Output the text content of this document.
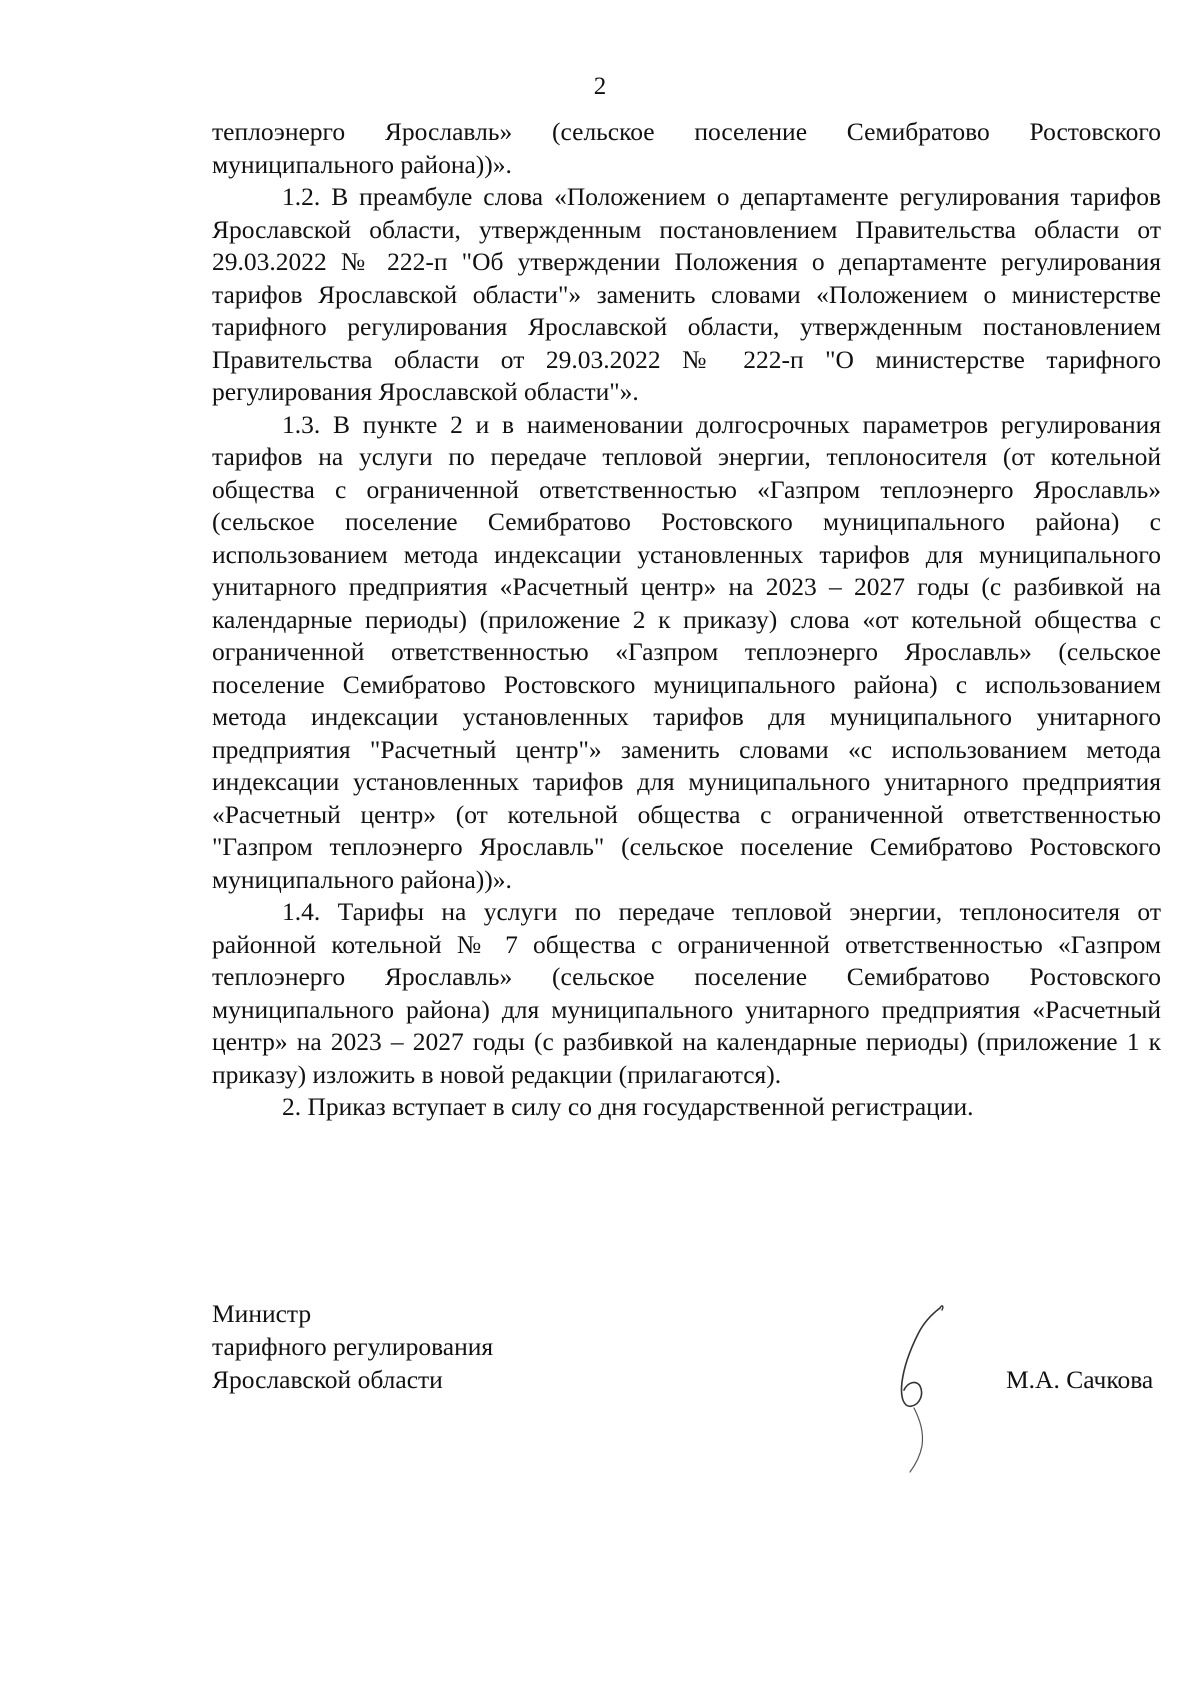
2

теплоэнерго Ярославль» (сельское поселение Семибратово Ростовского муниципального района))».

1.2. В преамбуле слова «Положением о департаменте регулирования тарифов Ярославской области, утвержденным постановлением Правительства области от 29.03.2022 № 222-п "Об утверждении Положения о департаменте регулирования тарифов Ярославской области"» заменить словами «Положением о министерстве тарифного регулирования Ярославской области, утвержденным постановлением Правительства области от 29.03.2022 № 222-п "О министерстве тарифного регулирования Ярославской области"».

1.3. В пункте 2 и в наименовании долгосрочных параметров регулирования тарифов на услуги по передаче тепловой энергии, теплоносителя (от котельной общества с ограниченной ответственностью «Газпром теплоэнерго Ярославль» (сельское поселение Семибратово Ростовского муниципального района) с использованием метода индексации установленных тарифов для муниципального унитарного предприятия «Расчетный центр» на 2023 – 2027 годы (с разбивкой на календарные периоды) (приложение 2 к приказу) слова «от котельной общества с ограниченной ответственностью «Газпром теплоэнерго Ярославль» (сельское поселение Семибратово Ростовского муниципального района) с использованием метода индексации установленных тарифов для муниципального унитарного предприятия "Расчетный центр"» заменить словами «с использованием метода индексации установленных тарифов для муниципального унитарного предприятия «Расчетный центр» (от котельной общества с ограниченной ответственностью "Газпром теплоэнерго Ярославль" (сельское поселение Семибратово Ростовского муниципального района))».

1.4. Тарифы на услуги по передаче тепловой энергии, теплоносителя от районной котельной № 7 общества с ограниченной ответственностью «Газпром теплоэнерго Ярославль» (сельское поселение Семибратово Ростовского муниципального района) для муниципального унитарного предприятия «Расчетный центр» на 2023 – 2027 годы (с разбивкой на календарные периоды) (приложение 1 к приказу) изложить в новой редакции (прилагаются).

2. Приказ вступает в силу со дня государственной регистрации.

Министр
тарифного регулирования
Ярославской области	М.А. Сачкова
